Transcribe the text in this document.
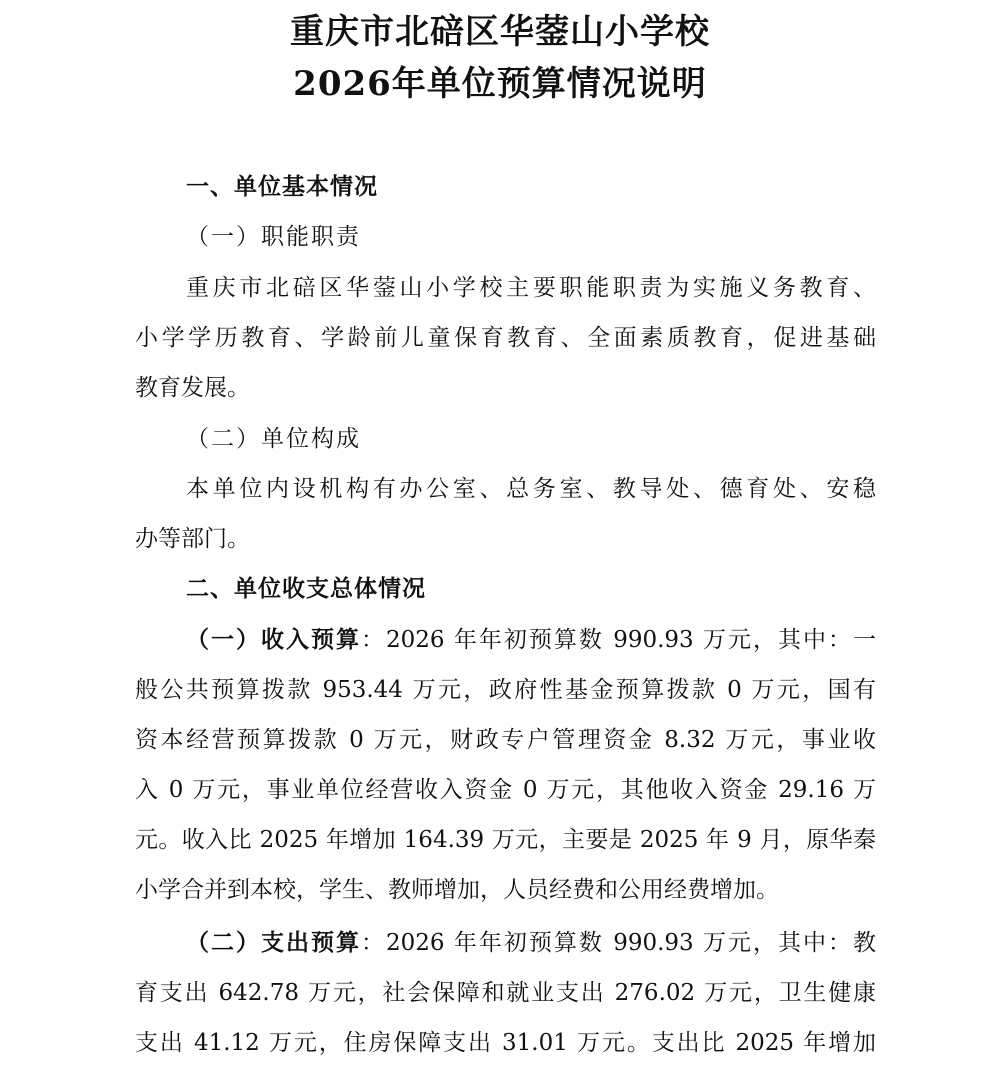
重庆市北碚区华蓥山小学校
2026年单位预算情况说明
一、单位基本情况
（一）职能职责
重庆市北碚区华蓥山小学校主要职能职责为实施义务教育、
小学学历教育、学龄前儿童保育教育、全面素质教育，促进基础
教育发展。
（二）单位构成
本单位内设机构有办公室、总务室、教导处、德育处、安稳
办等部门。
二、单位收支总体情况
（一）收入预算：2026 年年初预算数 990.93 万元，其中：一
般公共预算拨款 953.44 万元，政府性基金预算拨款 0 万元，国有
资本经营预算拨款 0 万元，财政专户管理资金 8.32 万元，事业收
入 0 万元，事业单位经营收入资金 0 万元，其他收入资金 29.16 万
元。收入比 2025 年增加 164.39 万元，主要是 2025 年 9 月，原华秦
小学合并到本校，学生、教师增加，人员经费和公用经费增加。
（二）支出预算：2026 年年初预算数 990.93 万元，其中：教
育支出 642.78 万元，社会保障和就业支出 276.02 万元，卫生健康
支出 41.12 万元，住房保障支出 31.01 万元。支出比 2025 年增加
